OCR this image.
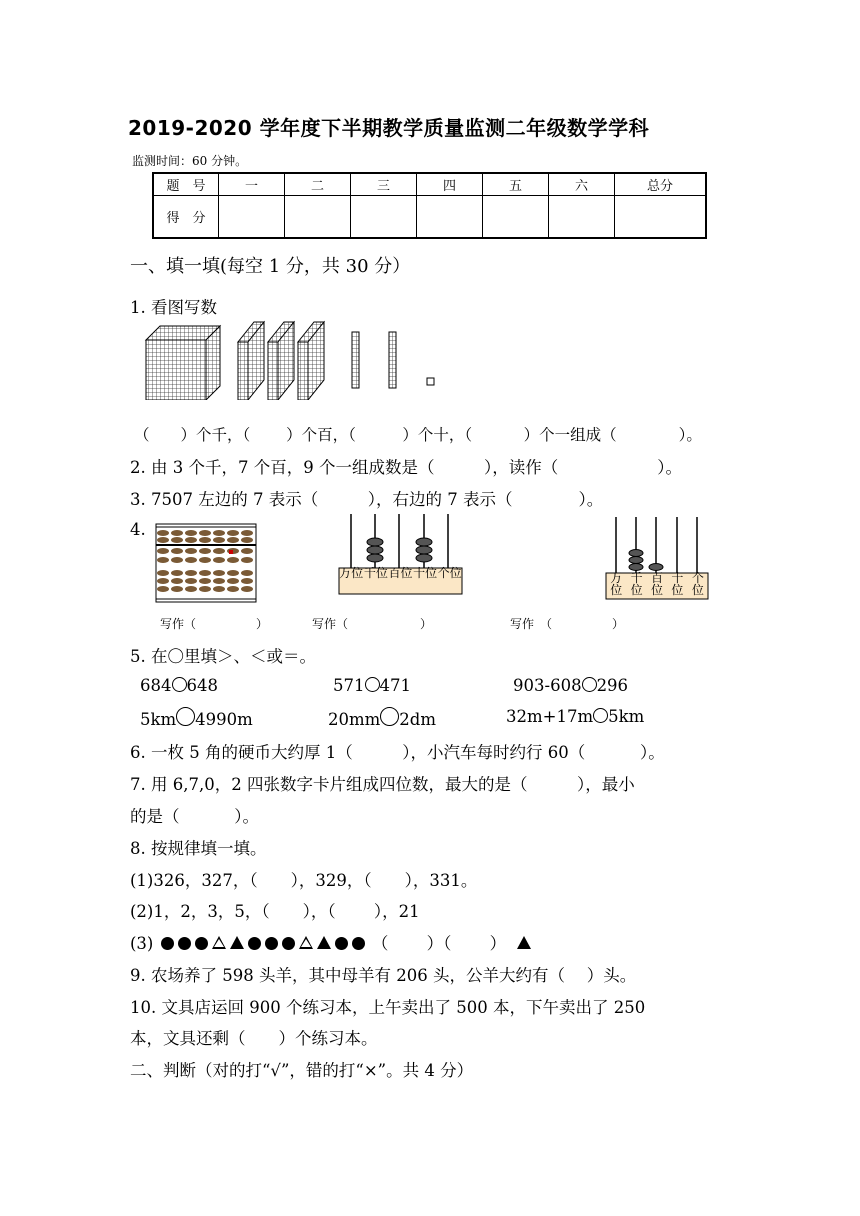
2019-2020 学年度下半期教学质量监测二年级数学学科
监测时间：60 分钟。
题　号	一	二	三	四	五	六	总分
得　分							
一、填一填(每空 1 分，共 30 分）
1. 看图写数
（　　）个千，（　　 ）个百，（　　　）个十，（　　　 ）个一组成（　　　　）。
2. 由 3 个千，7 个百，9 个一组成数是（　　　），读作（　　　　　　）。
3. 7507 左边的 7 表示（　　　），右边的 7 表示（　　　　）。
4.
万位 千位 百位 十位 个位	万位
千位
百位
十位
个位
写作（　　　　　）	写作（　　　　　　）	写作　（　　　　　）
5. 在〇里填＞、＜或＝。
684 648	571 471	903-608 296
5km 4990m	20mm 2dm	32m+17m 5km
6. 一枚 5 角的硬币大约厚 1（　　　），小汽车每时约行 60（　　　 ）。
7. 用 6,7,0，2 四张数字卡片组成四位数，最大的是（　　　），最小
的是（　　　 ）。
8. 按规律填一填。
(1)326，327，（　　），329，（　　），331。
(2)1，2，3，5，（　　），（　　 ），21
(3)	（　　 ）（　　 ）
9. 农场养了 598 头羊，其中母羊有 206 头，公羊大约有（　 ）头。
10. 文具店运回 900 个练习本，上午卖出了 500 本，下午卖出了 250
本，文具还剩（　　）个练习本。
二、判断（对的打“√”，错的打“×”。共 4 分）
